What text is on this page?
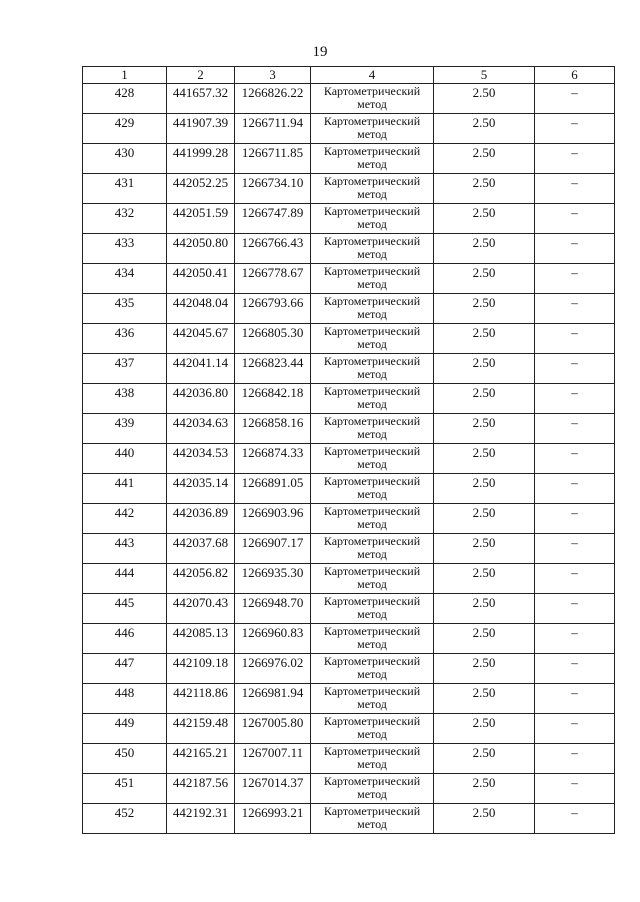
19
1	2	3	4	5	6
428	441657.32	1266826.22	Картометрический метод	2.50	–
429	441907.39	1266711.94	Картометрический метод	2.50	–
430	441999.28	1266711.85	Картометрический метод	2.50	–
431	442052.25	1266734.10	Картометрический метод	2.50	–
432	442051.59	1266747.89	Картометрический метод	2.50	–
433	442050.80	1266766.43	Картометрический метод	2.50	–
434	442050.41	1266778.67	Картометрический метод	2.50	–
435	442048.04	1266793.66	Картометрический метод	2.50	–
436	442045.67	1266805.30	Картометрический метод	2.50	–
437	442041.14	1266823.44	Картометрический метод	2.50	–
438	442036.80	1266842.18	Картометрический метод	2.50	–
439	442034.63	1266858.16	Картометрический метод	2.50	–
440	442034.53	1266874.33	Картометрический метод	2.50	–
441	442035.14	1266891.05	Картометрический метод	2.50	–
442	442036.89	1266903.96	Картометрический метод	2.50	–
443	442037.68	1266907.17	Картометрический метод	2.50	–
444	442056.82	1266935.30	Картометрический метод	2.50	–
445	442070.43	1266948.70	Картометрический метод	2.50	–
446	442085.13	1266960.83	Картометрический метод	2.50	–
447	442109.18	1266976.02	Картометрический метод	2.50	–
448	442118.86	1266981.94	Картометрический метод	2.50	–
449	442159.48	1267005.80	Картометрический метод	2.50	–
450	442165.21	1267007.11	Картометрический метод	2.50	–
451	442187.56	1267014.37	Картометрический метод	2.50	–
452	442192.31	1266993.21	Картометрический метод	2.50	–
